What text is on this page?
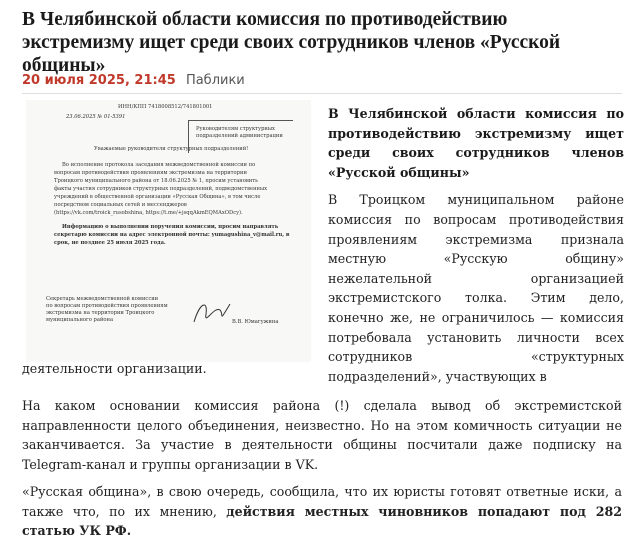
В Челябинской области комиссия по противодействию экстремизму ищет среди своих сотрудников членов «Русской общины»
20 июля 2025, 21:45 Паблики
ИНН/КПП 7418008512/741801001
23.06.2025 № 01-5391
Руководителям структурных
подразделений администрации
Уважаемые руководители структурных подразделений!
Во исполнение протокола заседания межведомственной комиссии по
вопросам противодействия проявлениям экстремизма на территории
Троицкого муниципального района от 18.06.2025 № 1, просим установить
факты участия сотрудников структурных подразделений, подведомственных
учреждений в общественной организации «Русская Община», в том числе
посредством социальных сетей и мессенджеров
(https://vk.com/troick_rusobshina, https://t.me/+jsqqAkmEQMAxODcy).
Информацию о выполнении поручения комиссии, просим направлять
секретарю комиссии на адрес электронной почты: yumagushina_v@mail.ru, в
срок, не позднее 25 июля 2025 года.
Секретарь межведомственной комиссии
по вопросам противодействия проявлениям
экстремизма на территории Троицкого
муниципального района	В.В. Юмагужина

В Челябинской области комиссия по противодействию экстремизму ищет среди своих сотрудников членов «Русской общины»

В Троицком муниципальном районе комиссия по вопросам противодействия проявлениям экстремизма признала местную «Русскую общину» нежелательной организацией экстремистского толка. Этим дело, конечно же, не ограничилось — комиссия потребовала установить личности всех сотрудников «структурных подразделений», участвующих в

деятельности организации.

На каком основании комиссия района (!) сделала вывод об экстремистской направленности целого объединения, неизвестно. Но на этом комичность ситуации не заканчивается. За участие в деятельности общины посчитали даже подписку на Telegram-канал и группы организации в VK.

«Русская община», в свою очередь, сообщила, что их юристы готовят ответные иски, а также что, по их мнению, действия местных чиновников попадают под 282 статью УК РФ.
